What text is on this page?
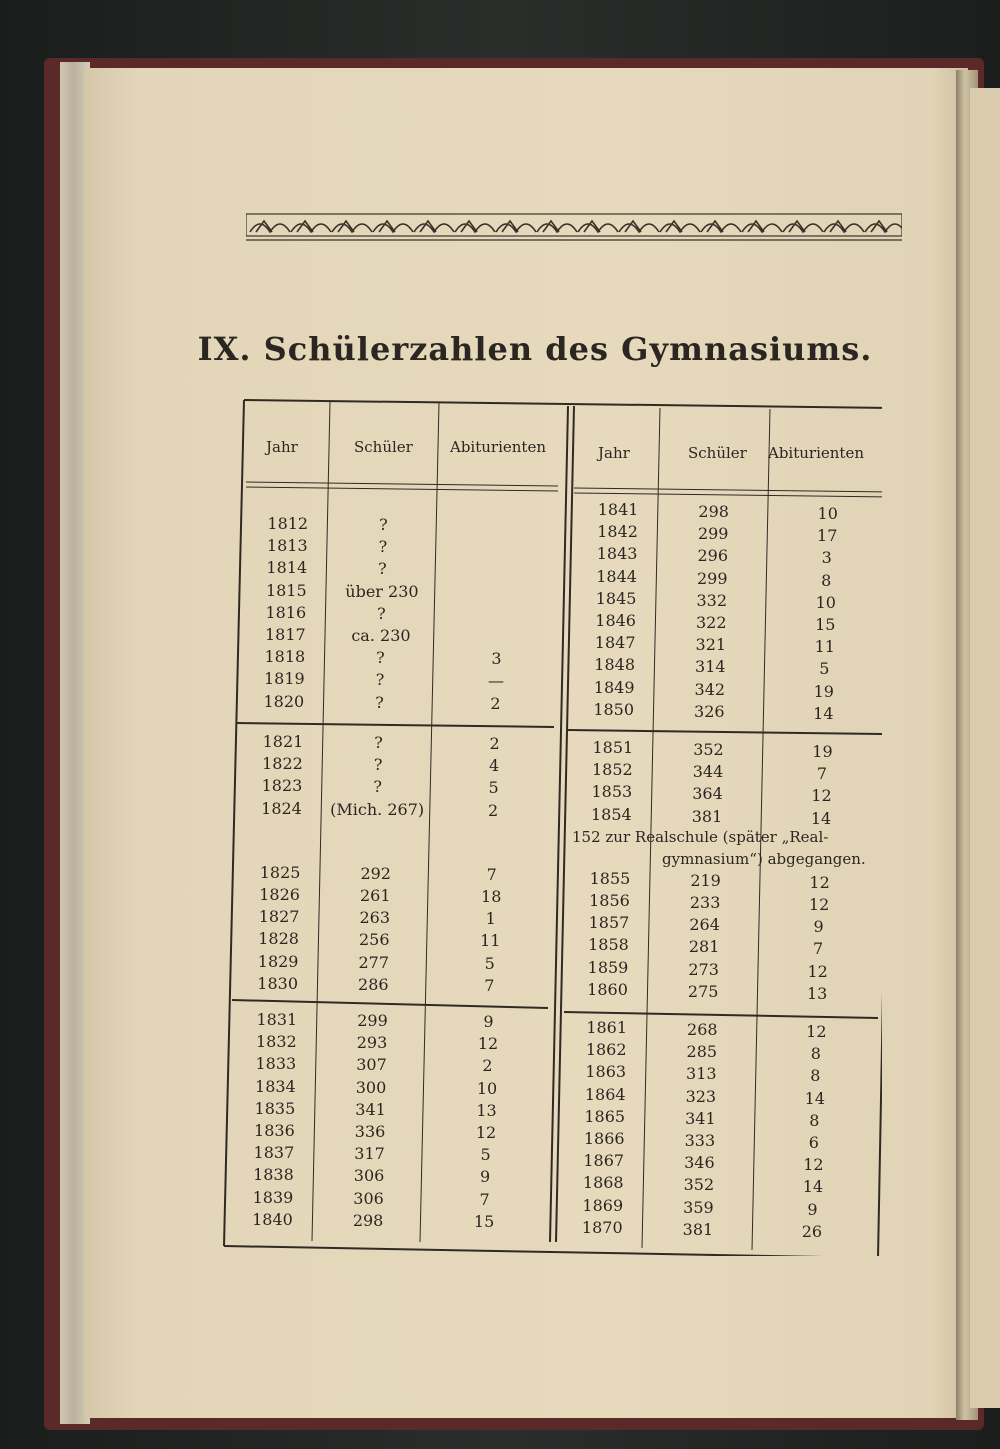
IX. Schülerzahlen des Gymnasiums.
Jahr	Schüler Abiturienten	Jahr	Schüler Abiturienten
1812	?
1813	?
1814	?
1815 über 230
1816	?
1817	ca. 230
1818	?	3
1819	?	—
1820	?	2
1821	?	2
1822	?	4
1823	?	5
1824 (Mich. 267)	2
1825	292	7
1826	261	18
1827	263	1
1828	256	11
1829	277	5
1830	286	7
1831	299	9
1832	293	12
1833	307	2
1834	300	10
1835	341	13
1836	336	12
1837	317	5
1838	306	9
1839	306	7
1840	298	15
1841	298	10
1842	299	17
1843	296	3
1844	299	8
1845	332	10
1846	322	15
1847	321	11
1848	314	5
1849	342	19
1850	326	14
1851	352	19
1852	344	7
1853	364	12
1854	381	14
1855	219	12
1856	233	12
1857	264	9
1858	281	7
1859	273	12
1860	275	13
1861	268	12
1862	285	8
1863	313	8
1864	323	14
1865	341	8
1866	333	6
1867	346	12
1868	352	14
1869	359	9
1870	381	26
152 zur Realschule (später „Real-
gymnasium“) abgegangen.
